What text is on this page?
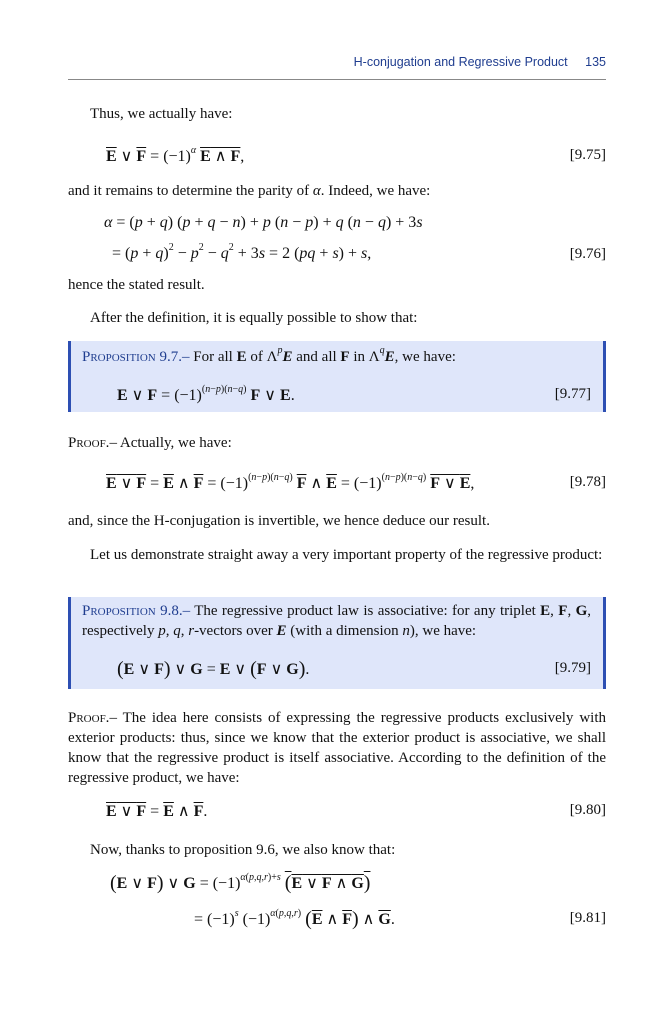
H-conjugation and Regressive Product 135
Thus, we actually have:
$\overline{E}$ ∨ $\overline{F} = (-1)^\alpha$ E ∧ F,	[9.75]
and it remains to determine the parity of α. Indeed, we have:
α = (p + q) (p + q − n) + p (n − p) + q (n − q) + 3s
= $(p + q)^2 - p^2 - q^2 + 3s = 2$ (pq + s) + s,	[9.76]
hence the stated result.
After the definition, it is equally possible to show that:
Proposition 9.7.– For all E of $\Lambda^pE$ and all F in $\Lambda^qE$, we have:
E ∨ $F = (-1)^{(n-p)(n-q)}$ F ∨ E.	[9.77]
Proof.– Actually, we have:
E ∨ $F = \overline{E}$ ∧ $\overline{F} = (-1)^{(n-p)(n-q)}$ $\overline{F}$ ∧ $\overline{E} = (-1)^{(n-p)(n-q)}$ F ∨ E,	[9.78]
and, since the H-conjugation is invertible, we hence deduce our result.
Let us demonstrate straight away a very important property of the regressive product:
Proposition 9.8.– The regressive product law is associative: for any triplet E, F, G, respectively p, q, r-vectors over E (with a dimension n), we have:
(E ∨ F) ∨ G = E ∨ (F ∨ G).	[9.79]
Proof.– The idea here consists of expressing the regressive products exclusively with exterior products: thus, since we know that the exterior product is associative, we shall know that the regressive product is itself associative. According to the definition of the regressive product, we have:
E ∨ $F = \overline{E}$ ∧ $\overline{F}$.	[9.80]
Now, thanks to proposition 9.6, we also know that:
(E ∨ F) ∨ $G = (-1)^{\alpha(p,q,r)+s}$ (E ∨ F ∧ G)
= $(-1)^s$ $(-1)^{\alpha(p,q,r)}$ ($\overline{E}$ ∧ $\overline{F}$) ∧ $\overline{G}$.	[9.81]
